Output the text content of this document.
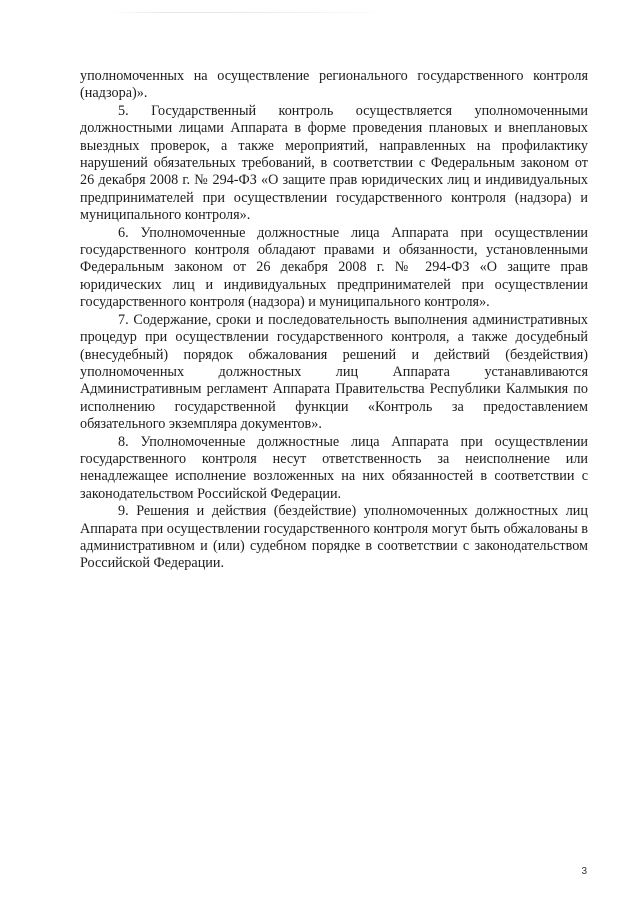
уполномоченных на осуществление регионального государственного контроля (надзора)».

5. Государственный контроль осуществляется уполномоченными должностными лицами Аппарата в форме проведения плановых и внеплановых выездных проверок, а также мероприятий, направленных на профилактику нарушений обязательных требований, в соответствии с Федеральным законом от 26 декабря 2008 г. № 294-ФЗ «О защите прав юридических лиц и индивидуальных предпринимателей при осуществлении государственного контроля (надзора) и муниципального контроля».

6. Уполномоченные должностные лица Аппарата при осуществлении государственного контроля обладают правами и обязанности, установленными Федеральным законом от 26 декабря 2008 г. № 294-ФЗ «О защите прав юридических лиц и индивидуальных предпринимателей при осуществлении государственного контроля (надзора) и муниципального контроля».

7. Содержание, сроки и последовательность выполнения административных процедур при осуществлении государственного контроля, а также досудебный (внесудебный) порядок обжалования решений и действий (бездействия) уполномоченных должностных лиц Аппарата устанавливаются Административным регламент Аппарата Правительства Республики Калмыкия по исполнению государственной функции «Контроль за предоставлением обязательного экземпляра документов».

8. Уполномоченные должностные лица Аппарата при осуществлении государственного контроля несут ответственность за неисполнение или ненадлежащее исполнение возложенных на них обязанностей в соответствии с законодательством Российской Федерации.

9. Решения и действия (бездействие) уполномоченных должностных лиц Аппарата при осуществлении государственного контроля могут быть обжалованы в административном и (или) судебном порядке в соответствии с законодательством Российской Федерации.

3
